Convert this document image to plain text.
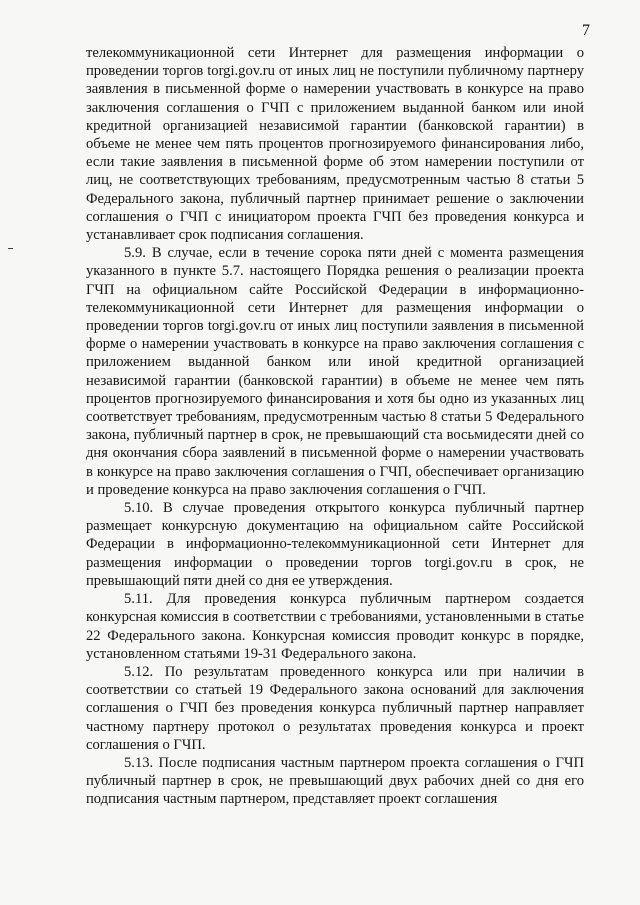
7

телекоммуникационной сети Интернет для размещения информации о проведении торгов torgi.gov.ru от иных лиц не поступили публичному партнеру заявления в письменной форме о намерении участвовать в конкурсе на право заключения соглашения о ГЧП с приложением выданной банком или иной кредитной организацией независимой гарантии (банковской гарантии) в объеме не менее чем пять процентов прогнозируемого финансирования либо, если такие заявления в письменной форме об этом намерении поступили от лиц, не соответствующих требованиям, предусмотренным частью 8 статьи 5 Федерального закона, публичный партнер принимает решение о заключении соглашения о ГЧП с инициатором проекта ГЧП без проведения конкурса и устанавливает срок подписания соглашения.

5.9. В случае, если в течение сорока пяти дней с момента размещения указанного в пункте 5.7. настоящего Порядка решения о реализации проекта ГЧП на официальном сайте Российской Федерации в информационно-телекоммуникационной сети Интернет для размещения информации о проведении торгов torgi.gov.ru от иных лиц поступили заявления в письменной форме о намерении участвовать в конкурсе на право заключения соглашения с приложением выданной банком или иной кредитной организацией независимой гарантии (банковской гарантии) в объеме не менее чем пять процентов прогнозируемого финансирования и хотя бы одно из указанных лиц соответствует требованиям, предусмотренным частью 8 статьи 5 Федерального закона, публичный партнер в срок, не превышающий ста восьмидесяти дней со дня окончания сбора заявлений в письменной форме о намерении участвовать в конкурсе на право заключения соглашения о ГЧП, обеспечивает организацию и проведение конкурса на право заключения соглашения о ГЧП.

5.10. В случае проведения открытого конкурса публичный партнер размещает конкурсную документацию на официальном сайте Российской Федерации в информационно-телекоммуникационной сети Интернет для размещения информации о проведении торгов torgi.gov.ru в срок, не превышающий пяти дней со дня ее утверждения.

5.11. Для проведения конкурса публичным партнером создается конкурсная комиссия в соответствии с требованиями, установленными в статье 22 Федерального закона. Конкурсная комиссия проводит конкурс в порядке, установленном статьями 19-31 Федерального закона.

5.12. По результатам проведенного конкурса или при наличии в соответствии со статьей 19 Федерального закона оснований для заключения соглашения о ГЧП без проведения конкурса публичный партнер направляет частному партнеру протокол о результатах проведения конкурса и проект соглашения о ГЧП.

5.13. После подписания частным партнером проекта соглашения о ГЧП публичный партнер в срок, не превышающий двух рабочих дней со дня его подписания частным партнером, представляет проект соглашения
